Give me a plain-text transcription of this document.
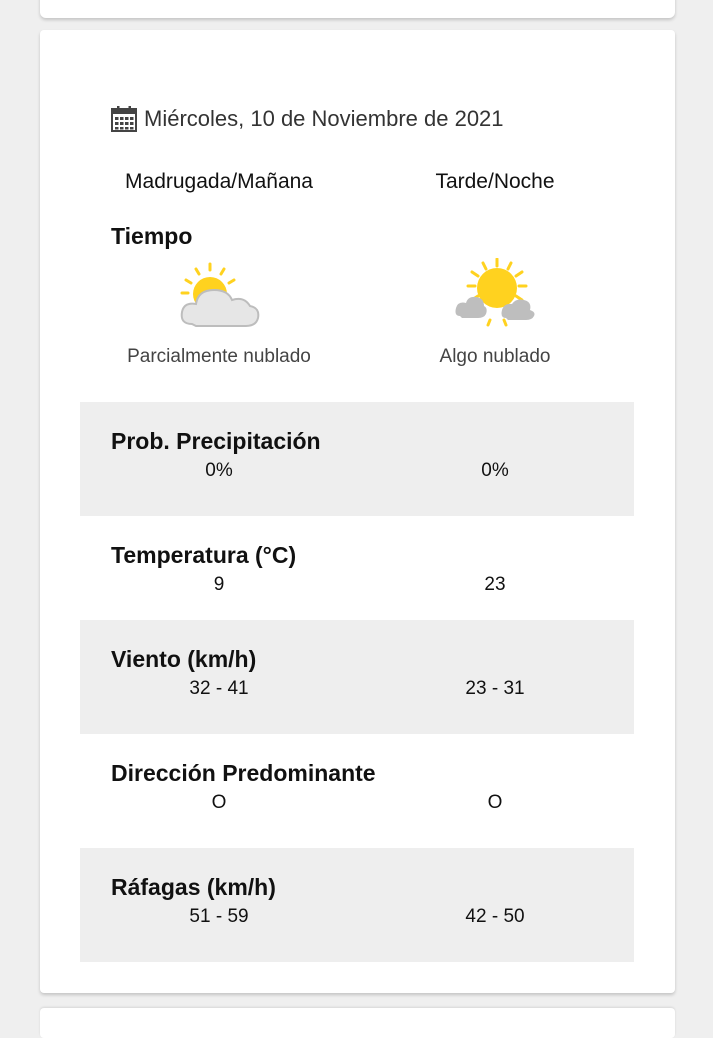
Miércoles, 10 de Noviembre de 2021
Madrugada/Mañana	Tarde/Noche
Tiempo
Parcialmente nublado	Algo nublado
Prob. Precipitación
0%	0%
Temperatura (°C)
9	23
Viento (km/h)
32 - 41	23 - 31
Dirección Predominante
O	O
Ráfagas (km/h)
51 - 59	42 - 50
